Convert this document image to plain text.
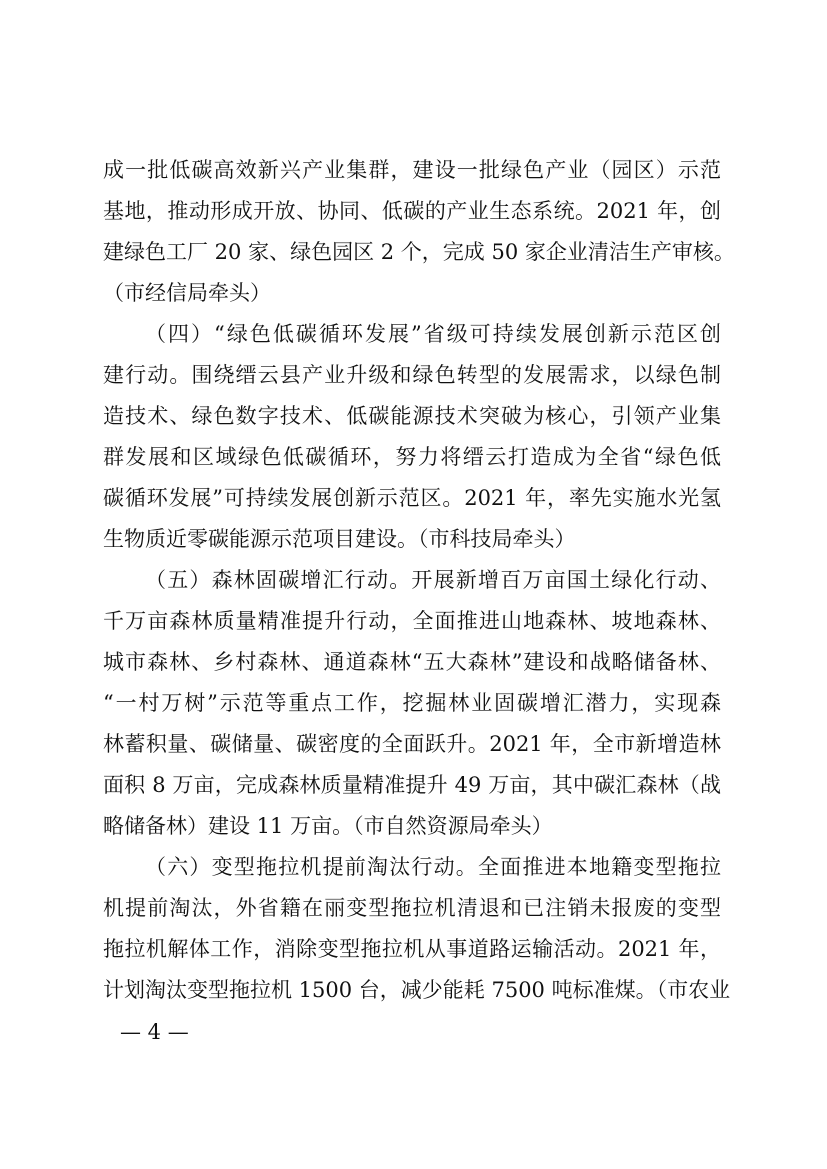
成一批低碳高效新兴产业集群，建设一批绿色产业（园区）示范
基地，推动形成开放、协同、低碳的产业生态系统。2021 年，创
建绿色工厂 20 家、绿色园区 2 个，完成 50 家企业清洁生产审核。
（市经信局牵头）
（四）“绿色低碳循环发展”省级可持续发展创新示范区创
建行动。围绕缙云县产业升级和绿色转型的发展需求，以绿色制
造技术、绿色数字技术、低碳能源技术突破为核心，引领产业集
群发展和区域绿色低碳循环，努力将缙云打造成为全省“绿色低
碳循环发展”可持续发展创新示范区。2021 年，率先实施水光氢
生物质近零碳能源示范项目建设。（市科技局牵头）
（五）森林固碳增汇行动。开展新增百万亩国土绿化行动、
千万亩森林质量精准提升行动，全面推进山地森林、坡地森林、
城市森林、乡村森林、通道森林“五大森林”建设和战略储备林、
“一村万树”示范等重点工作，挖掘林业固碳增汇潜力，实现森
林蓄积量、碳储量、碳密度的全面跃升。2021 年，全市新增造林
面积 8 万亩，完成森林质量精准提升 49 万亩，其中碳汇森林（战
略储备林）建设 11 万亩。（市自然资源局牵头）
（六）变型拖拉机提前淘汰行动。全面推进本地籍变型拖拉
机提前淘汰，外省籍在丽变型拖拉机清退和已注销未报废的变型
拖拉机解体工作，消除变型拖拉机从事道路运输活动。2021 年，
计划淘汰变型拖拉机 1500 台，减少能耗 7500 吨标准煤。（市农业
— 4 —
